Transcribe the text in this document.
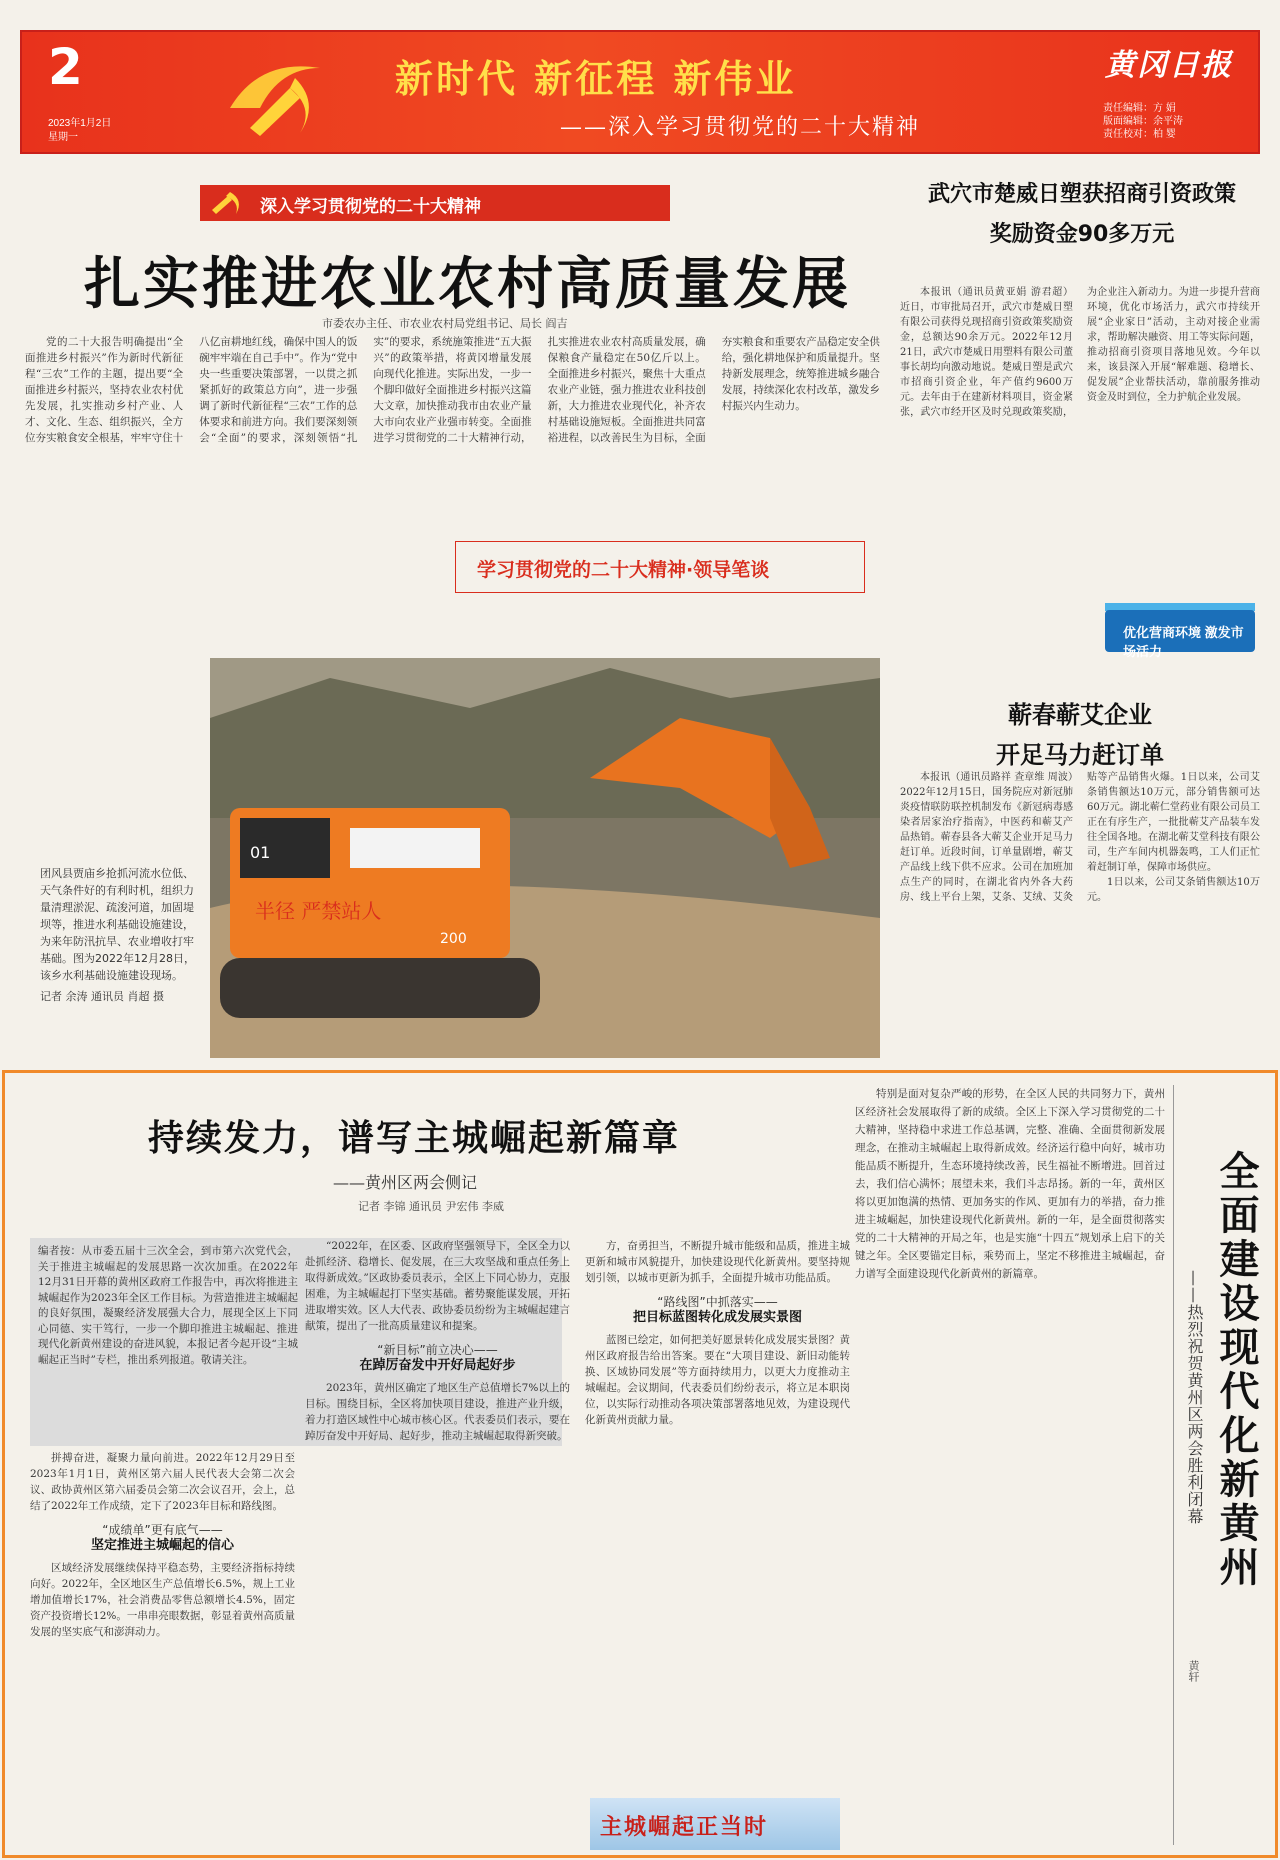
2
2023年1月2日
星期一
新时代 新征程 新伟业
——深入学习贯彻党的二十大精神
黄冈日报
责任编辑：方 娟
版面编辑：余平涛
责任校对：柏 婴
深入学习贯彻党的二十大精神
扎实推进农业农村高质量发展
市委农办主任、市农业农村局党组书记、局长 阎吉

党的二十大报告明确提出“全面推进乡村振兴”作为新时代新征程“三农”工作的主题，提出要“全面推进乡村振兴，坚持农业农村优先发展，扎实推动乡村产业、人才、文化、生态、组织振兴，全方位夯实粮食安全根基，牢牢守住十八亿亩耕地红线，确保中国人的饭碗牢牢端在自己手中”。作为“党中央一些重要决策部署，一以贯之抓紧抓好的政策总方向”，进一步强调了新时代新征程“三农”工作的总体要求和前进方向。我们要深刻领会“全面”的要求，深刻领悟“扎实”的要求，系统施策推进“五大振兴”的政策举措，将黄冈增量发展向现代化推进。实际出发，一步一个脚印做好全面推进乡村振兴这篇大文章，加快推动我市由农业产量大市向农业产业强市转变。全面推进学习贯彻党的二十大精神行动，扎实推进农业农村高质量发展，确保粮食产量稳定在50亿斤以上。全面推进乡村振兴，聚焦十大重点农业产业链，强力推进农业科技创新，大力推进农业现代化，补齐农村基础设施短板。全面推进共同富裕进程，以改善民生为目标，全面夯实粮食和重要农产品稳定安全供给，强化耕地保护和质量提升。坚持新发展理念，统筹推进城乡融合发展，持续深化农村改革，激发乡村振兴内生动力。

学习贯彻党的二十大精神·领导笔谈
武穴市楚威日塑获招商引资政策
奖励资金90多万元

本报讯（通讯员黄亚娟 游君超）近日，市审批局召开，武穴市楚威日塑有限公司获得兑现招商引资政策奖励资金，总额达90余万元。2022年12月21日，武穴市楚威日用塑料有限公司董事长胡均向激动地说。楚威日塑是武穴市招商引资企业，年产值约9600万元。去年由于在建新材料项目，资金紧张，武穴市经开区及时兑现政策奖励，为企业注入新动力。为进一步提升营商环境，优化市场活力，武穴市持续开展“企业家日”活动，主动对接企业需求，帮助解决融资、用工等实际问题，推动招商引资项目落地见效。今年以来，该县深入开展“解难题、稳增长、促发展”企业帮扶活动，靠前服务推动资金及时到位，全力护航企业发展。

优化营商环境 激发市场活力
半径 严禁站人
01
200
团风县贾庙乡抢抓河流水位低、天气条件好的有利时机，组织力量清理淤泥、疏浚河道，加固堤坝等，推进水利基础设施建设，为来年防汛抗旱、农业增收打牢基础。图为2022年12月28日，该乡水利基础设施建设现场。
记者 余涛 通讯员 肖超 摄
蕲春蕲艾企业
开足马力赶订单

本报讯（通讯员路祥 查章维 周波）2022年12月15日，国务院应对新冠肺炎疫情联防联控机制发布《新冠病毒感染者居家治疗指南》，中医药和蕲艾产品热销。蕲春县各大蕲艾企业开足马力赶订单。近段时间，订单量剧增，蕲艾产品线上线下供不应求。公司在加班加点生产的同时，在湖北省内外各大药房、线上平台上架，艾条、艾绒、艾灸贴等产品销售火爆。1日以来，公司艾条销售额达10万元，部分销售额可达60万元。湖北蕲仁堂药业有限公司员工正在有序生产，一批批蕲艾产品装车发往全国各地。在湖北蕲艾堂科技有限公司，生产车间内机器轰鸣，工人们正忙着赶制订单，保障市场供应。

1日以来，公司艾条销售额达10万元。

持续发力，谱写主城崛起新篇章
——黄州区两会侧记
记者 李锦 通讯员 尹宏伟 李威
编者按：从市委五届十三次全会，到市第六次党代会，关于推进主城崛起的发展思路一次次加重。在2022年12月31日开幕的黄州区政府工作报告中，再次将推进主城崛起作为2023年全区工作目标。为营造推进主城崛起的良好氛围，凝聚经济发展强大合力，展现全区上下同心同德、实干笃行，一步一个脚印推进主城崛起、推进现代化新黄州建设的奋进风貌，本报记者今起开设“主城崛起正当时”专栏，推出系列报道。敬请关注。

拼搏奋进，凝聚力量向前进。2022年12月29日至2023年1月1日，黄州区第六届人民代表大会第二次会议、政协黄州区第六届委员会第二次会议召开，会上，总结了2022年工作成绩，定下了2023年目标和路线图。

“成绩单”更有底气——
坚定推进主城崛起的信心

区域经济发展继续保持平稳态势，主要经济指标持续向好。2022年，全区地区生产总值增长6.5%，规上工业增加值增长17%，社会消费品零售总额增长4.5%，固定资产投资增长12%。一串串亮眼数据，彰显着黄州高质量发展的坚实底气和澎湃动力。

“2022年，在区委、区政府坚强领导下，全区全力以赴抓经济、稳增长、促发展，在三大攻坚战和重点任务上取得新成效。”区政协委员表示，全区上下同心协力，克服困难，为主城崛起打下坚实基础。蓄势聚能谋发展，开拓进取增实效。区人大代表、政协委员纷纷为主城崛起建言献策，提出了一批高质量建议和提案。

“新目标”前立决心——
在踔厉奋发中开好局起好步

2023年，黄州区确定了地区生产总值增长7%以上的目标。围绕目标，全区将加快项目建设，推进产业升级，着力打造区域性中心城市核心区。代表委员们表示，要在踔厉奋发中开好局、起好步，推动主城崛起取得新突破。

方，奋勇担当，不断提升城市能级和品质，推进主城更新和城市风貌提升，加快建设现代化新黄州。要坚持规划引领，以城市更新为抓手，全面提升城市功能品质。

“路线图”中抓落实——
把目标蓝图转化成发展实景图

蓝图已绘定，如何把美好愿景转化成发展实景图？黄州区政府报告给出答案。要在“大项目建设、新旧动能转换、区域协同发展”等方面持续用力，以更大力度推动主城崛起。会议期间，代表委员们纷纷表示，将立足本职岗位，以实际行动推动各项决策部署落地见效，为建设现代化新黄州贡献力量。

主城崛起正当时

特别是面对复杂严峻的形势，在全区人民的共同努力下，黄州区经济社会发展取得了新的成绩。全区上下深入学习贯彻党的二十大精神，坚持稳中求进工作总基调，完整、准确、全面贯彻新发展理念，在推动主城崛起上取得新成效。经济运行稳中向好，城市功能品质不断提升，生态环境持续改善，民生福祉不断增进。回首过去，我们信心满怀；展望未来，我们斗志昂扬。新的一年，黄州区将以更加饱满的热情、更加务实的作风、更加有力的举措，奋力推进主城崛起，加快建设现代化新黄州。新的一年，是全面贯彻落实党的二十大精神的开局之年，也是实施“十四五”规划承上启下的关键之年。全区要锚定目标，乘势而上，坚定不移推进主城崛起，奋力谱写全面建设现代化新黄州的新篇章。	全面建设现代化新黄州
——热烈祝贺黄州区两会胜利闭幕
黄轩
